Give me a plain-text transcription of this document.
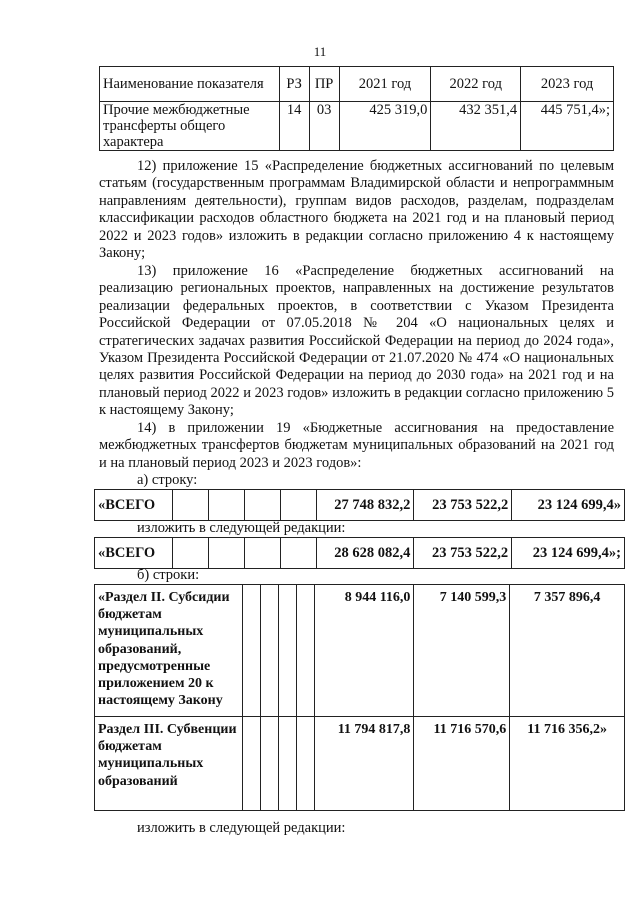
11
Наименование показателя	РЗ	ПР	2021 год	2022 год	2023 год
Прочие межбюджетные трансферты общего характера	14	03	425 319,0	432 351,4	445 751,4»;
12) приложение 15 «Распределение бюджетных ассигнований по целевым статьям (государственным программам Владимирской области и непрограммным направлениям деятельности), группам видов расходов, разделам, подразделам классификации расходов областного бюджета на 2021 год и на плановый период 2022 и 2023 годов» изложить в редакции согласно приложению 4 к настоящему Закону;
13) приложение 16 «Распределение бюджетных ассигнований на реализацию региональных проектов, направленных на достижение результатов реализации федеральных проектов, в соответствии с Указом Президента Российской Федерации от 07.05.2018 № 204 «О национальных целях и стратегических задачах развития Российской Федерации на период до 2024 года», Указом Президента Российской Федерации от 21.07.2020 № 474 «О национальных целях развития Российской Федерации на период до 2030 года» на 2021 год и на плановый период 2022 и 2023 годов» изложить в редакции согласно приложению 5 к настоящему Закону;
14) в приложении 19 «Бюджетные ассигнования на предоставление межбюджетных трансфертов бюджетам муниципальных образований на 2021 год и на плановый период 2023 и 2023 годов»:
а) строку:
«ВСЕГО					27 748 832,2	23 753 522,2	23 124 699,4»
изложить в следующей редакции:
«ВСЕГО					28 628 082,4	23 753 522,2	23 124 699,4»;
б) строки:
«Раздел II. Субсидии бюджетам муниципальных образований, предусмотренные приложением 20 к настоящему Закону					8 944 116,0	7 140 599,3	7 357 896,4
Раздел III. Субвенции бюджетам муниципальных образований					11 794 817,8	11 716 570,6	11 716 356,2»
изложить в следующей редакции:
